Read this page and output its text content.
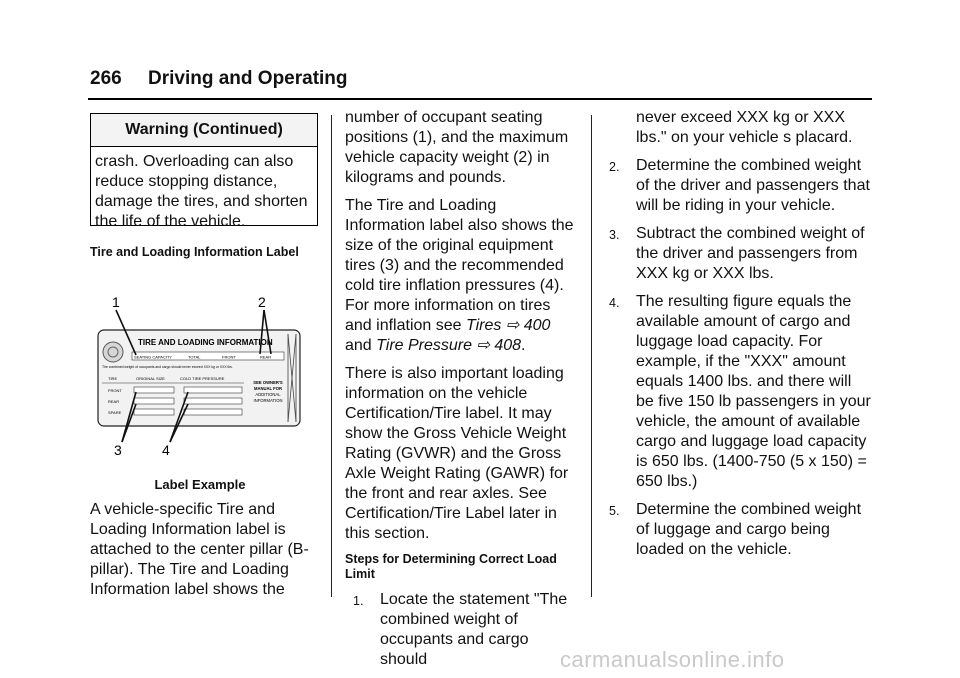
266 Driving and Operating
Warning (Continued)
crash. Overloading can also reduce stopping distance, damage the tires, and shorten the life of the vehicle.
Tire and Loading Information Label
1	2
3	4
TIRE AND LOADING INFORMATION
SEATING CAPACITY	TOTAL	FRONT	REAR
The combined weight of occupants and cargo should never exceed XXX kg or XXX lbs.
TIRE	ORIGINAL SIZE	COLD TIRE PRESSURE
FRONT
REAR
SPARE
SEE OWNER'S
MANUAL FOR
ADDITIONAL
INFORMATION
Label Example
A vehicle-specific Tire and Loading Information label is attached to the center pillar (B-pillar). The Tire and Loading Information label shows the

number of occupant seating positions (1), and the maximum vehicle capacity weight (2) in kilograms and pounds.

The Tire and Loading Information label also shows the size of the original equipment tires (3) and the recommended cold tire inflation pressures (4). For more information on tires and inflation see Tires ⇨ 400 and Tire Pressure ⇨ 408.

There is also important loading information on the vehicle Certification/Tire label. It may show the Gross Vehicle Weight Rating (GVWR) and the Gross Axle Weight Rating (GAWR) for the front and rear axles. See Certification/Tire Label later in this section.

Steps for Determining Correct Load Limit
1. Locate the statement "The combined weight of occupants and cargo should

never exceed XXX kg or XXX lbs." on your vehicle s placard.

2. Determine the combined weight of the driver and passengers that will be riding in your vehicle.
3. Subtract the combined weight of the driver and passengers from XXX kg or XXX lbs.
4. The resulting figure equals the available amount of cargo and luggage load capacity. For example, if the "XXX" amount equals 1400 lbs. and there will be five 150 lb passengers in your vehicle, the amount of available cargo and luggage load capacity is 650 lbs. (1400-750 (5 x 150) = 650 lbs.)
5. Determine the combined weight of luggage and cargo being loaded on the vehicle.
carmanualsonline.info
